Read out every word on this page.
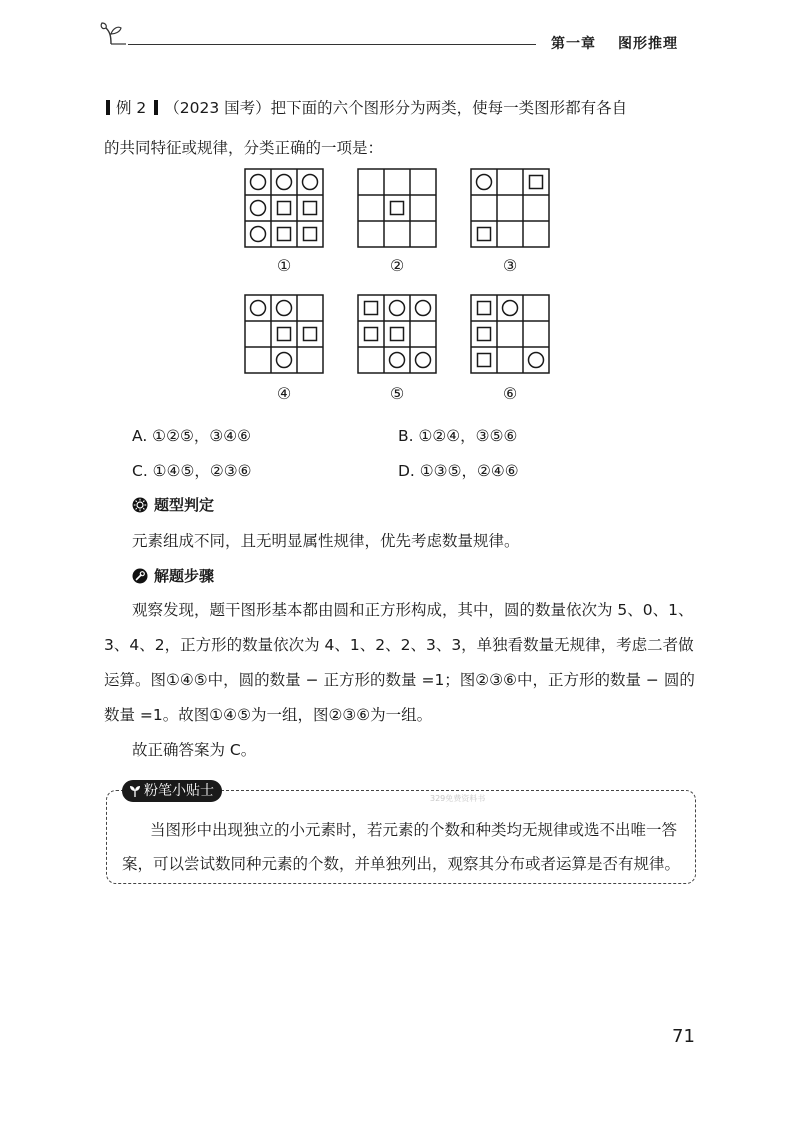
第一章 图形推理
例 2 （2023 国考）把下面的六个图形分为两类，使每一类图形都有各自
的共同特征或规律，分类正确的一项是：
①	②	③
④	⑤	⑥
A. ①②⑤，③④⑥	B. ①②④，③⑤⑥
C. ①④⑤，②③⑥	D. ①③⑤，②④⑥
题型判定
元素组成不同，且无明显属性规律，优先考虑数量规律。
解题步骤
观察发现，题干图形基本都由圆和正方形构成，其中，圆的数量依次为 5、0、1、
3、4、2，正方形的数量依次为 4、1、2、2、3、3，单独看数量无规律，考虑二者做
运算。图①④⑤中，圆的数量 − 正方形的数量 =1；图②③⑥中，正方形的数量 − 圆的
数量 =1。故图①④⑤为一组，图②③⑥为一组。
故正确答案为 C。
粉笔小贴士	329免费资料书
当图形中出现独立的小元素时，若元素的个数和种类均无规律或选不出唯一答
案，可以尝试数同种元素的个数，并单独列出，观察其分布或者运算是否有规律。
71
